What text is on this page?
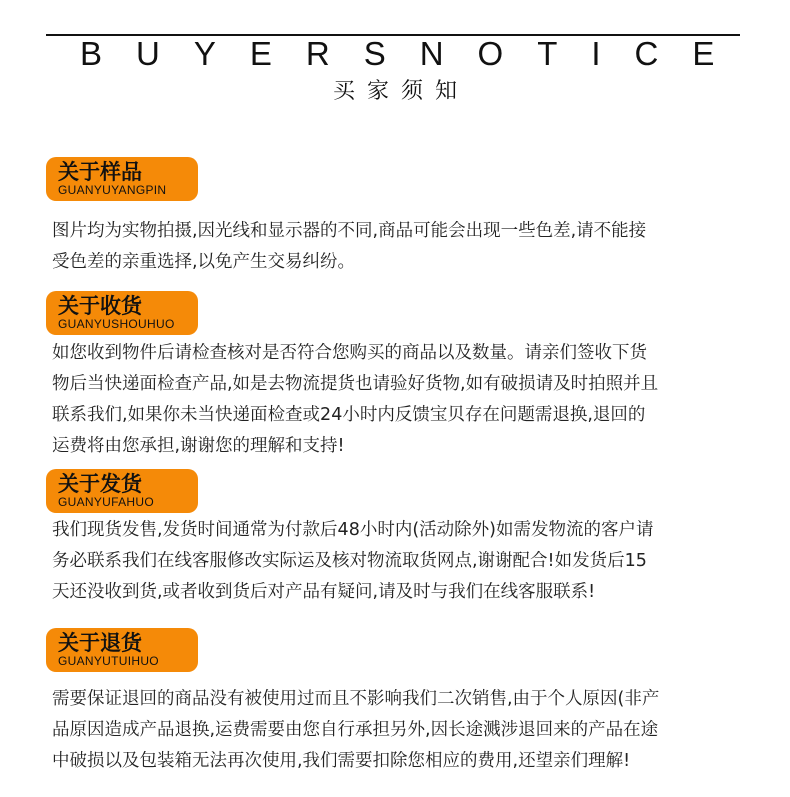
BUYERSNOTICE
买家须知
关于样品
GUANYUYANGPIN
图片均为实物拍摄,因光线和显示器的不同,商品可能会出现一些色差,请不能接
受色差的亲重选择,以免产生交易纠纷。
关于收货
GUANYUSHOUHUO
如您收到物件后请检查核对是否符合您购买的商品以及数量。请亲们签收下货
物后当快递面检查产品,如是去物流提货也请验好货物,如有破损请及时拍照并且
联系我们,如果你未当快递面检查或24小时内反馈宝贝存在问题需退换,退回的
运费将由您承担,谢谢您的理解和支持!
关于发货
GUANYUFAHUO
我们现货发售,发货时间通常为付款后48小时内(活动除外)如需发物流的客户请
务必联系我们在线客服修改实际运及核对物流取货网点,谢谢配合!如发货后15
天还没收到货,或者收到货后对产品有疑问,请及时与我们在线客服联系!
关于退货
GUANYUTUIHUO
需要保证退回的商品没有被使用过而且不影响我们二次销售,由于个人原因(非产
品原因造成产品退换,运费需要由您自行承担另外,因长途溅涉退回来的产品在途
中破损以及包装箱无法再次使用,我们需要扣除您相应的费用,还望亲们理解!
